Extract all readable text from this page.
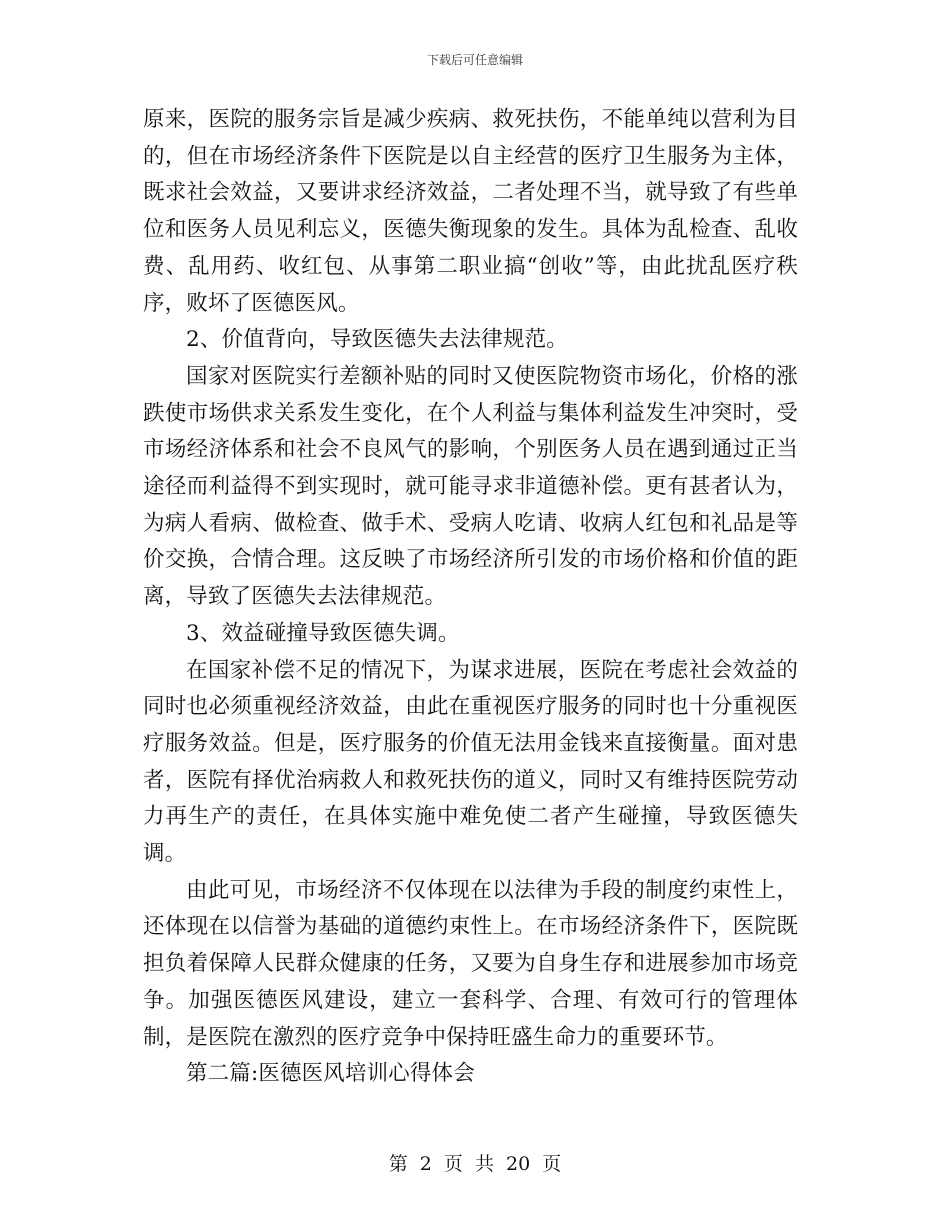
下载后可任意编辑

原来，医院的服务宗旨是减少疾病、救死扶伤，不能单纯以营利为目的，但在市场经济条件下医院是以自主经营的医疗卫生服务为主体，既求社会效益，又要讲求经济效益，二者处理不当，就导致了有些单位和医务人员见利忘义，医德失衡现象的发生。具体为乱检查、乱收费、乱用药、收红包、从事第二职业搞“创收”等，由此扰乱医疗秩序，败坏了医德医风。

2、价值背向，导致医德失去法律规范。

国家对医院实行差额补贴的同时又使医院物资市场化，价格的涨跌使市场供求关系发生变化，在个人利益与集体利益发生冲突时，受市场经济体系和社会不良风气的影响，个别医务人员在遇到通过正当途径而利益得不到实现时，就可能寻求非道德补偿。更有甚者认为，为病人看病、做检查、做手术、受病人吃请、收病人红包和礼品是等价交换，合情合理。这反映了市场经济所引发的市场价格和价值的距离，导致了医德失去法律规范。

3、效益碰撞导致医德失调。

在国家补偿不足的情况下，为谋求进展，医院在考虑社会效益的同时也必须重视经济效益，由此在重视医疗服务的同时也十分重视医疗服务效益。但是，医疗服务的价值无法用金钱来直接衡量。面对患者，医院有择优治病救人和救死扶伤的道义，同时又有维持医院劳动力再生产的责任，在具体实施中难免使二者产生碰撞，导致医德失调。

由此可见，市场经济不仅体现在以法律为手段的制度约束性上，还体现在以信誉为基础的道德约束性上。在市场经济条件下，医院既担负着保障人民群众健康的任务，又要为自身生存和进展参加市场竞争。加强医德医风建设，建立一套科学、合理、有效可行的管理体制，是医院在激烈的医疗竞争中保持旺盛生命力的重要环节。

第二篇:医德医风培训心得体会

第 2 页 共 20 页
